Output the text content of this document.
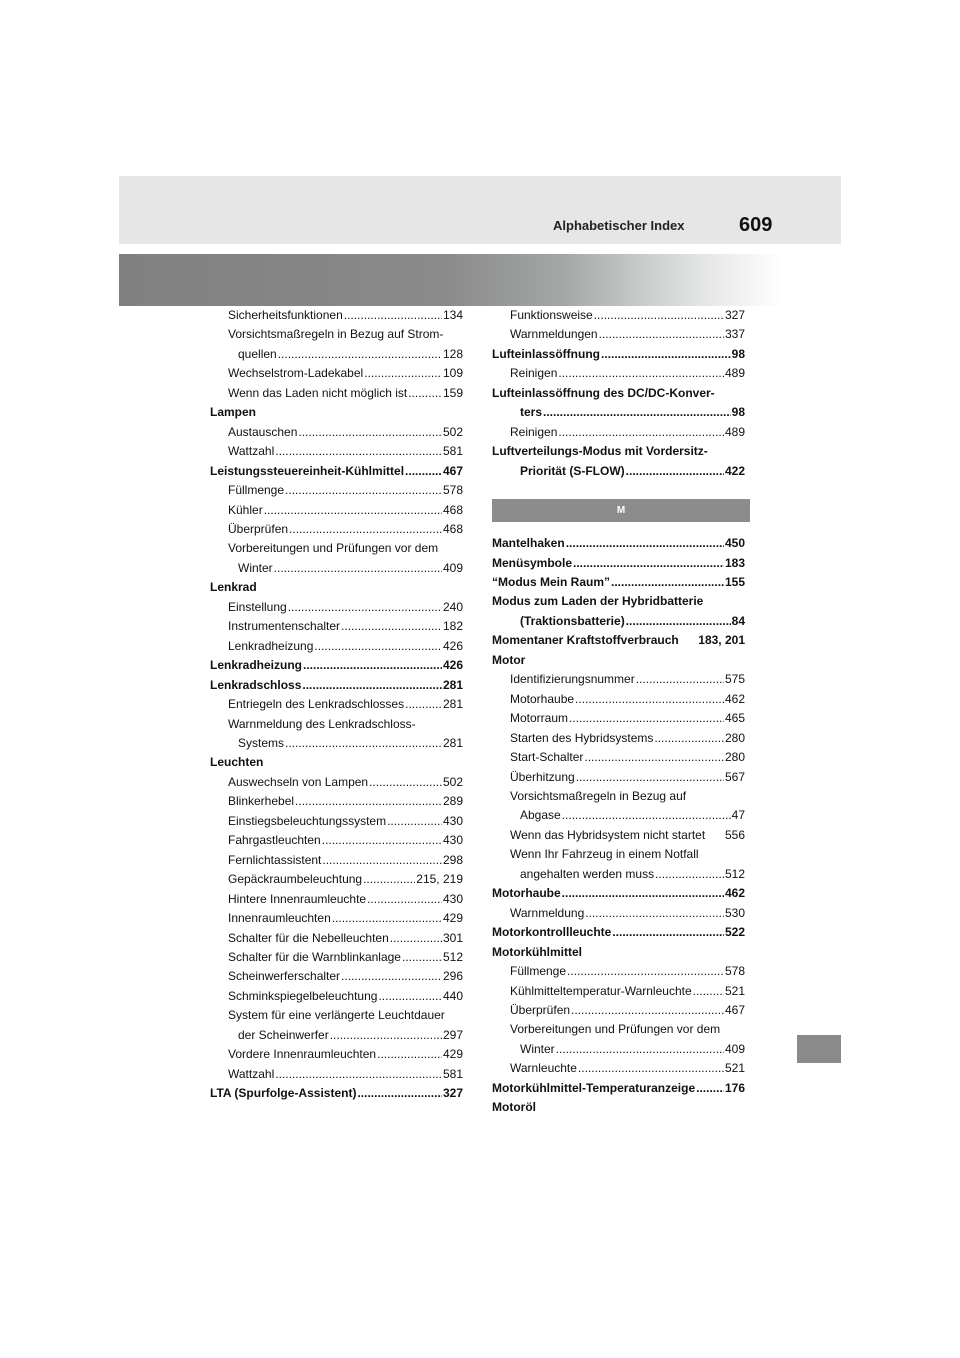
Alphabetischer Index	609
Sicherheitsfunktionen .....	134
Vorsichtsmaßregeln in Bezug auf Strom-
quellen .....	128
Wechselstrom-Ladekabel .....	109
Wenn das Laden nicht möglich ist .....	159
Lampen
Austauschen .....	502
Wattzahl .....	581
Leistungssteuereinheit-Kühlmittel .....	467
Füllmenge .....	578
Kühler .....	468
Überprüfen .....	468
Vorbereitungen und Prüfungen vor dem
Winter .....	409
Lenkrad
Einstellung .....	240
Instrumentenschalter .....	182
Lenkradheizung .....	426
Lenkradheizung .....	426
Lenkradschloss .....	281
Entriegeln des Lenkradschlosses .....	281
Warnmeldung des Lenkradschloss-
Systems .....	281
Leuchten
Auswechseln von Lampen .....	502
Blinkerhebel .....	289
Einstiegsbeleuchtungssystem .....	430
Fahrgastleuchten .....	430
Fernlichtassistent .....	298
Gepäckraumbeleuchtung .....	215, 219
Hintere Innenraumleuchte .....	430
Innenraumleuchten .....	429
Schalter für die Nebelleuchten .....	301
Schalter für die Warnblinkanlage .....	512
Scheinwerferschalter .....	296
Schminkspiegelbeleuchtung .....	440
System für eine verlängerte Leuchtdauer
der Scheinwerfer .....	297
Vordere Innenraumleuchten .....	429
Wattzahl .....	581
LTA (Spurfolge-Assistent) .....	327
Funktionsweise .....	327
Warnmeldungen .....	337
Lufteinlassöffnung .....	98
Reinigen .....	489
Lufteinlassöffnung des DC/DC-Konver-
ters .....	98
Reinigen .....	489
Luftverteilungs-Modus mit Vordersitz-
Priorität (S-FLOW) .....	422
M
Mantelhaken .....	450
Menüsymbole .....	183
“Modus Mein Raum” .....	155
Modus zum Laden der Hybridbatterie
(Traktionsbatterie) .....	84
Momentaner Kraftstoffverbrauch 183, 201
Motor
Identifizierungsnummer .....	575
Motorhaube .....	462
Motorraum .....	465
Starten des Hybridsystems .....	280
Start-Schalter .....	280
Überhitzung .....	567
Vorsichtsmaßregeln in Bezug auf
Abgase .....	47
Wenn das Hybridsystem nicht startet 556
Wenn Ihr Fahrzeug in einem Notfall
angehalten werden muss .....	512
Motorhaube .....	462
Warnmeldung .....	530
Motorkontrollleuchte .....	522
Motorkühlmittel
Füllmenge .....	578
Kühlmitteltemperatur-Warnleuchte .....	521
Überprüfen .....	467
Vorbereitungen und Prüfungen vor dem
Winter .....	409
Warnleuchte .....	521
Motorkühlmittel-Temperaturanzeige ..... 176
Motoröl
